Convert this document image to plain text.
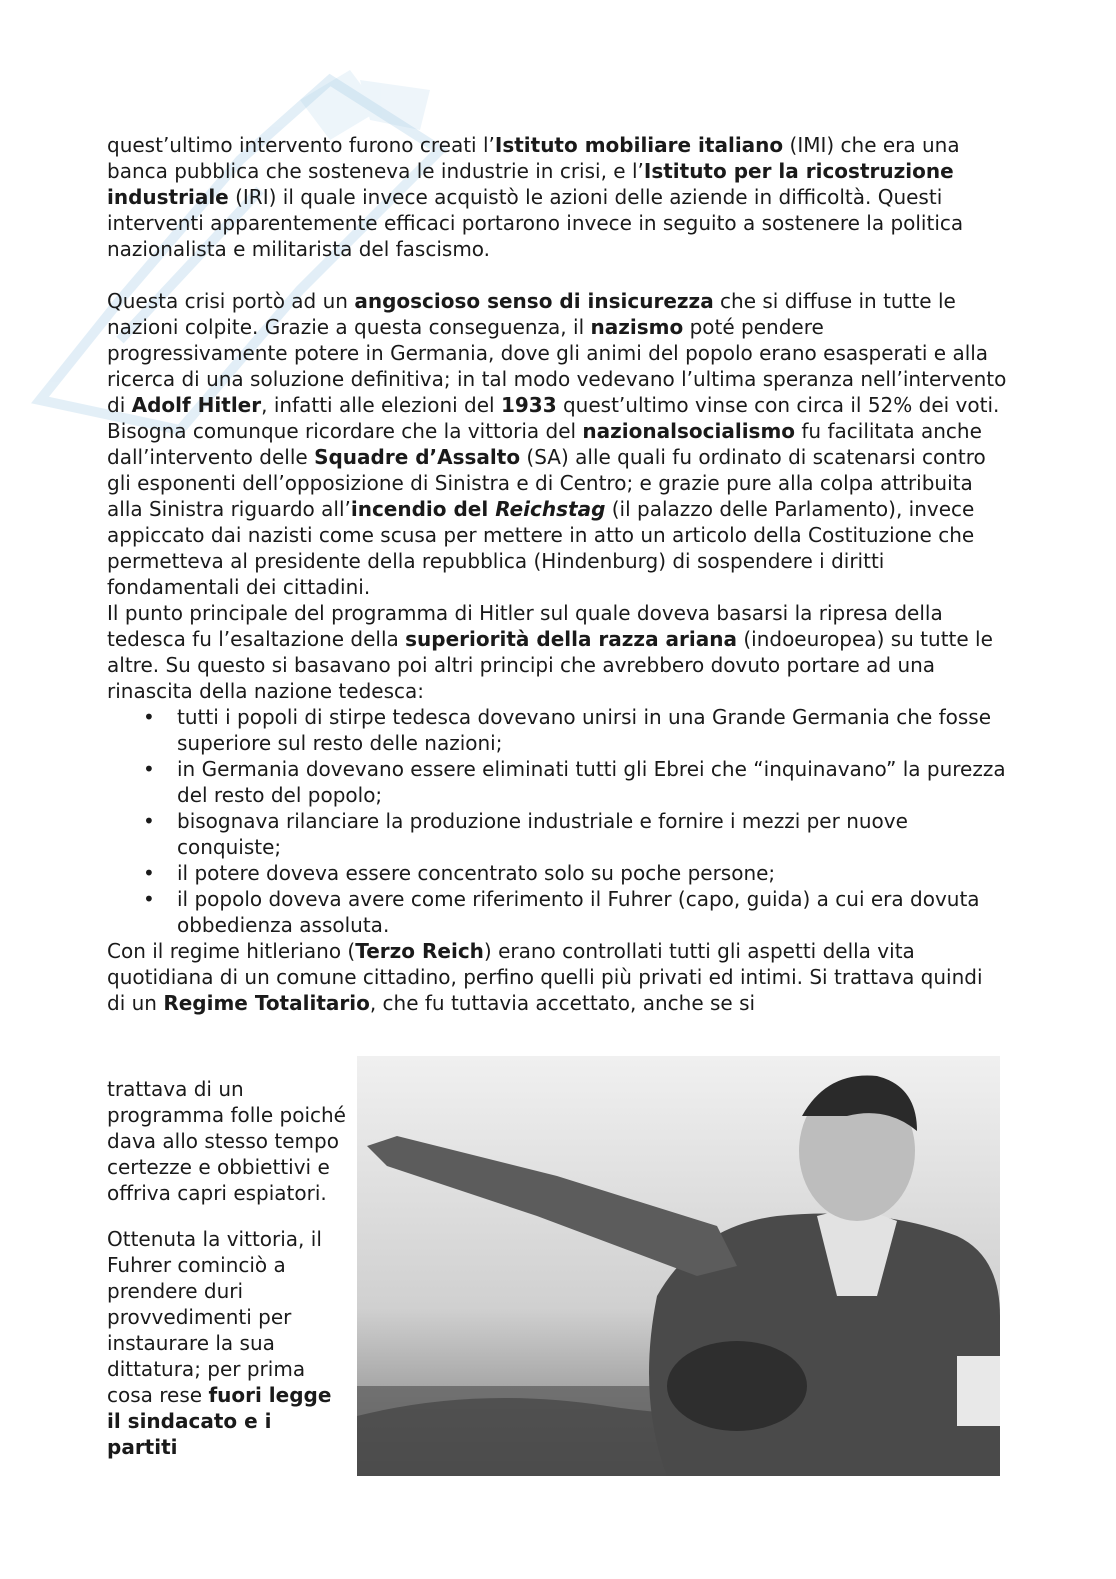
quest’ultimo intervento furono creati l’Istituto mobiliare italiano (IMI) che era una banca pubblica che sosteneva le industrie in crisi, e l’Istituto per la ricostruzione industriale (IRI) il quale invece acquistò le azioni delle aziende in difficoltà. Questi interventi apparentemente efficaci portarono invece in seguito a sostenere la politica nazionalista e militarista del fascismo.

Questa crisi portò ad un angoscioso senso di insicurezza che si diffuse in tutte le nazioni colpite. Grazie a questa conseguenza, il nazismo poté pendere progressivamente potere in Germania, dove gli animi del popolo erano esasperati e alla ricerca di una soluzione definitiva; in tal modo vedevano l’ultima speranza nell’intervento di Adolf Hitler, infatti alle elezioni del 1933 quest’ultimo vinse con circa il 52% dei voti. Bisogna comunque ricordare che la vittoria del nazionalsocialismo fu facilitata anche dall’intervento delle Squadre d’Assalto (SA) alle quali fu ordinato di scatenarsi contro gli esponenti dell’opposizione di Sinistra e di Centro; e grazie pure alla colpa attribuita alla Sinistra riguardo all’incendio del Reichstag (il palazzo delle Parlamento), invece appiccato dai nazisti come scusa per mettere in atto un articolo della Costituzione che permetteva al presidente della repubblica (Hindenburg) di sospendere i diritti fondamentali dei cittadini.

Il punto principale del programma di Hitler sul quale doveva basarsi la ripresa della tedesca fu l’esaltazione della superiorità della razza ariana (indoeuropea) su tutte le altre. Su questo si basavano poi altri principi che avrebbero dovuto portare ad una rinascita della nazione tedesca:

• tutti i popoli di stirpe tedesca dovevano unirsi in una Grande Germania che fosse superiore sul resto delle nazioni;
• in Germania dovevano essere eliminati tutti gli Ebrei che “inquinavano” la purezza del resto del popolo;
• bisognava rilanciare la produzione industriale e fornire i mezzi per nuove conquiste;
• il potere doveva essere concentrato solo su poche persone;
• il popolo doveva avere come riferimento il Fuhrer (capo, guida) a cui era dovuta obbedienza assoluta.

Con il regime hitleriano (Terzo Reich) erano controllati tutti gli aspetti della vita quotidiana di un comune cittadino, perfino quelli più privati ed intimi. Si trattava quindi di un Regime Totalitario, che fu tuttavia accettato, anche se si

trattava di un programma folle poiché dava allo stesso tempo certezze e obbiettivi e offriva capri espiatori.

Ottenuta la vittoria, il Fuhrer cominciò a prendere duri provvedimenti per instaurare la sua dittatura; per prima cosa rese fuori legge il sindacato e i partiti
